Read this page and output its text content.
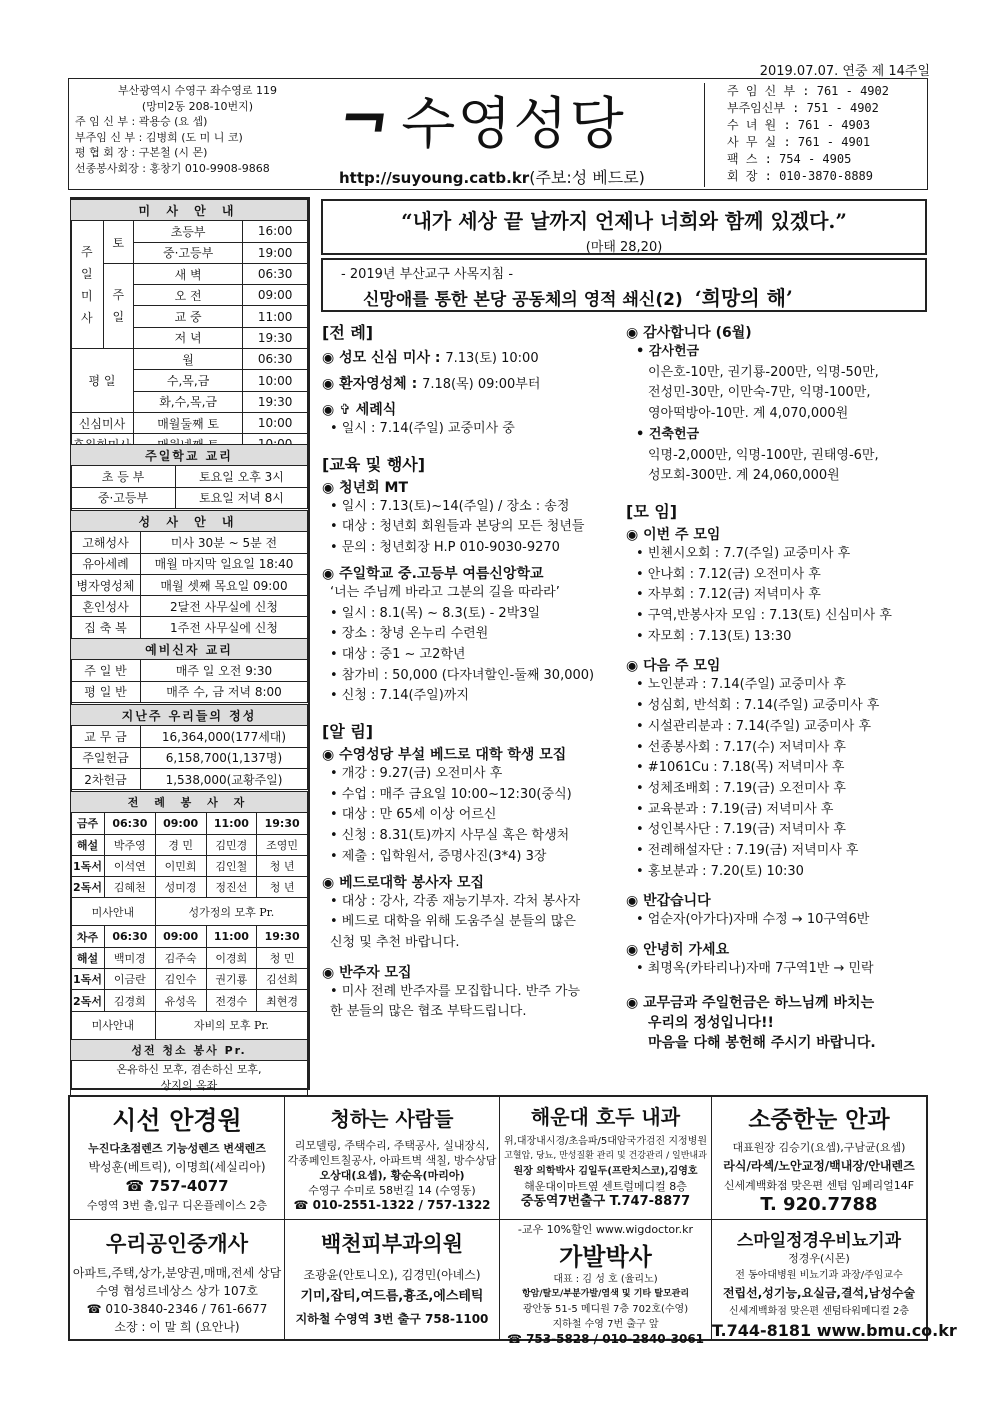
2019.07.07. 연중 제 14주일
부산광역시 수영구 좌수영로 119
(망미2동 208-10번지)
주 임 신 부 : 곽용승 (요 셉)
부주임 신 부 : 김병희 (도 미 니 코)
평 협 회 장 : 구본철 (시 몬)
선종봉사회장 : 홍창기 010-9908-9868
¬ 수영성당
http://suyoung.catb.kr(주보:성 베드로)
주 임 신 부 : 761 - 4902
부주임신부 : 751 - 4902
수 녀 원 : 761 - 4903
사 무 실 : 761 - 4901
팩 스 : 754 - 4905
회 장 : 010-3870-8889
미 사 안 내			
주
일
미
사	토	초등부	16:00
		중·고등부	19:00
	주
일	새 벽	06:30
		오 전	09:00
		교 중	11:00
		저 녁	19:30
평 일		월	06:30
		수,목,금	10:00
		화,수,목,금	19:30
신심미사		매월둘째 토	10:00

주일학교 교리	
초 등 부	토요일 오후 3시
중·고등부	토요일 저녁 8시
성 사 안 내	
고해성사	미사 30분 ~ 5분 전
유아세례	매월 마지막 일요일 18:40
병자영성체	매월 셋째 목요일 09:00
혼인성사	2달전 사무실에 신청
집 축 복	1주전 사무실에 신청
예비신자 교리	
주 일 반	매주 일 오전 9:30
평 일 반	매주 수, 금 저녁 8:00
지난주 우리들의 정성	
교 무 금	16,364,000(177세대)
주일헌금	6,158,700(1,137명)
2차헌금	1,538,000(교황주일)
전 례 봉 사 자				
금주	06:30	09:00	11:00	19:30
해설	박주영	경 민	김민경	조영민
1독서	이석연	이민희	김인철	청 년
2독서	김혜천	성미경	정진선	청 년
미사안내		성가정의 모후 Pr.		
차주	06:30	09:00	11:00	19:30
해설	백미경	김주숙	이경희	청 민
1독서	이금란	김인수	권기룡	김선희
2독서	김경희	유성옥	전경수	최현경
미사안내		자비의 모후 Pr.		
성전 청소 봉사 Pr.				

온유하신 모후, 겸손하신 모후,
상지의 옥좌				
“내가 세상 끝 날까지 언제나 너희와 함께 있겠다.”
(마태 28,20)
- 2019년 부산교구 사목지침 -
신망애를 통한 본당 공동체의 영적 쇄신(2) ‘희망의 해’
[전 례]
◉ 성모 신심 미사 : 7.13(토) 10:00
◉ 환자영성체 : 7.18(목) 09:00부터
◉ ✞ 세례식
• 일시 : 7.14(주일) 교중미사 중
[교육 및 행사]
◉ 청년회 MT
• 일시 : 7.13(토)~14(주일) / 장소 : 송정
• 대상 : 청년회 회원들과 본당의 모든 청년들
• 문의 : 청년회장 H.P 010-9030-9270
◉ 주일학교 중.고등부 여름신앙학교
‘너는 주님께 바라고 그분의 길을 따라라’
• 일시 : 8.1(목) ~ 8.3(토) - 2박3일
• 장소 : 창녕 온누리 수련원
• 대상 : 중1 ~ 고2학년
• 참가비 : 50,000 (다자녀할인-둘째 30,000)
• 신청 : 7.14(주일)까지
[알 림]
◉ 수영성당 부설 베드로 대학 학생 모집
• 개강 : 9.27(금) 오전미사 후
• 수업 : 매주 금요일 10:00~12:30(중식)
• 대상 : 만 65세 이상 어르신
• 신청 : 8.31(토)까지 사무실 혹은 학생처
• 제출 : 입학원서, 증명사진(3*4) 3장
◉ 베드로대학 봉사자 모집
• 대상 : 강사, 각종 재능기부자. 각처 봉사자
• 베드로 대학을 위해 도움주실 분들의 많은
신청 및 추천 바랍니다.
◉ 반주자 모집
• 미사 전례 반주자를 모집합니다. 반주 가능
한 분들의 많은 협조 부탁드립니다.
◉ 감사합니다 (6월)
• 감사헌금
이은호-10만, 권기룡-200만, 익명-50만,
전성민-30만, 이만숙-7만, 익명-100만,
영아떡방아-10만. 계 4,070,000원
• 건축헌금
익명-2,000만, 익명-100만, 권태영-6만,
성모회-300만. 계 24,060,000원
[모 임]
◉ 이번 주 모임
• 빈첸시오회 : 7.7(주일) 교중미사 후
• 안나회 : 7.12(금) 오전미사 후
• 자부회 : 7.12(금) 저녁미사 후
• 구역,반봉사자 모임 : 7.13(토) 신심미사 후
• 자모회 : 7.13(토) 13:30
◉ 다음 주 모임
• 노인분과 : 7.14(주일) 교중미사 후
• 성심회, 반석회 : 7.14(주일) 교중미사 후
• 시설관리분과 : 7.14(주일) 교중미사 후
• 선종봉사회 : 7.17(수) 저녁미사 후
• #1061Cu : 7.18(목) 저녁미사 후
• 성체조배회 : 7.19(금) 오전미사 후
• 교육분과 : 7.19(금) 저녁미사 후
• 성인복사단 : 7.19(금) 저녁미사 후
• 전례해설자단 : 7.19(금) 저녁미사 후
• 홍보분과 : 7.20(토) 10:30
◉ 반갑습니다
• 엄순자(아가다)자매 수정 → 10구역6반
◉ 안녕히 가세요
• 최명옥(카타리나)자매 7구역1반 → 민락
◉ 교무금과 주일헌금은 하느님께 바치는
우리의 정성입니다!!
마음을 다해 봉헌해 주시기 바랍니다.
시선 안경원
누진다초점렌즈 기능성렌즈 변색렌즈
박성훈(베트릭), 이명희(세실리아)
☎ 757-4077
수영역 3번 출,입구 디온플레이스 2층
청하는 사람들
리모델링, 주택수리, 주택공사, 실내장식,
각종페인트칠공사, 아파트벽 색칠, 방수상담
오상대(요셉), 황순옥(마리아)
수영구 수미로 58번길 14 (수영동)
☎ 010-2551-1322 / 757-1322
해운대 호두 내과
위,대장내시경/초음파/5대암국가검진 지정병원
고혈압, 당뇨, 만성질환 관리 및 건강관리 / 일반내과
원장 의학박사 김일두(프란치스코),김영호
해운대이마트옆 센트럴메디컬 8층
중동역7번출구 T.747-8877
소중한눈 안과
대표원장 김승기(요셉),구남균(요셉)
라식/라섹/노안교정/백내장/안내렌즈
신세계백화점 맞은편 센텀 임페리얼14F
T. 920.7788
우리공인중개사
아파트,주택,상가,분양권,매매,전세 상담
수영 협성르네상스 상가 107호
☎ 010-3840-2346 / 761-6677
소장 : 이 말 희 (요안나)
백천피부과의원
조광윤(안토니오), 김경민(아녜스)
기미,잡티,여드름,흉조,에스테틱
지하철 수영역 3번 출구 758-1100
-교우 10%할인 www.wigdoctor.kr
가발박사
대표 : 김 성 호 (율리노)
항암/탈모/부분가발/염색 및 기타 탈모관리
광안동 51-5 메디원 7층 702호(수영)
지하철 수영 7번 출구 앞
☎ 753-5828 / 010-2840-3061
스마일정경우비뇨기과
정경우(시몬)
전 동아대병원 비뇨기과 과장/주임교수
전립선,성기능,요실금,결석,남성수술
신세계백화점 맞은편 센텀타워메디컬 2층
T.744-8181 www.bmu.co.kr
